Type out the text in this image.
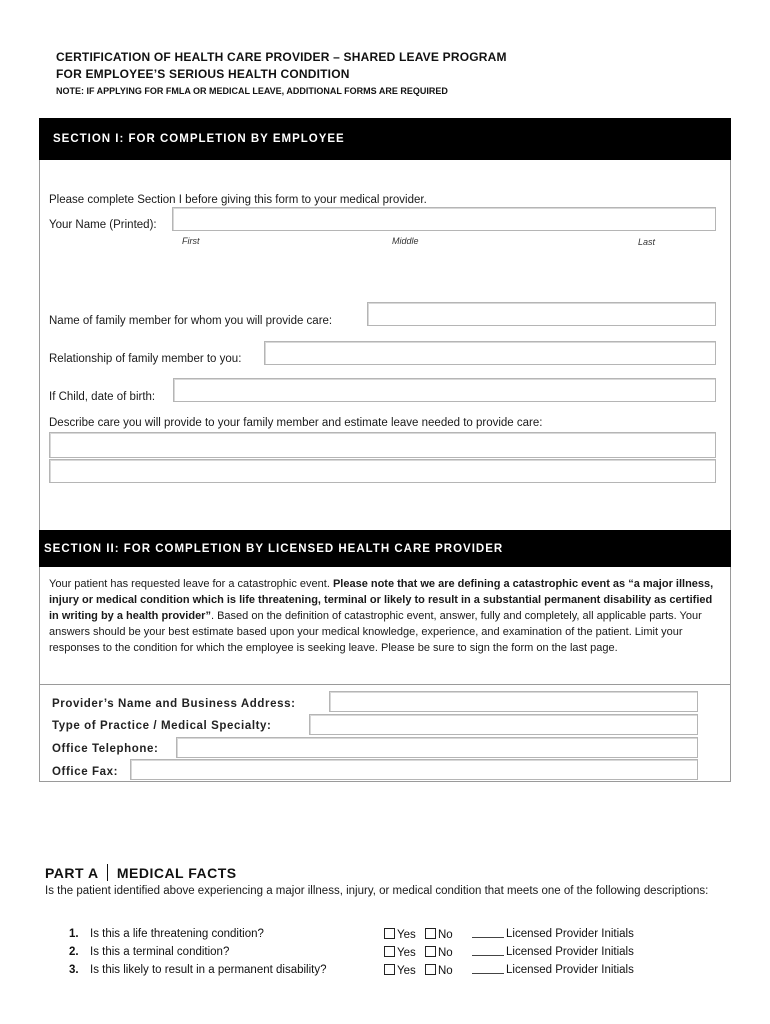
CERTIFICATION OF HEALTH CARE PROVIDER – SHARED LEAVE PROGRAM
FOR EMPLOYEE’S SERIOUS HEALTH CONDITION
NOTE: IF APPLYING FOR FMLA OR MEDICAL LEAVE, ADDITIONAL FORMS ARE REQUIRED
SECTION I: FOR COMPLETION BY EMPLOYEE
Please complete Section I before giving this form to your medical provider.
Your Name (Printed):
First	Middle	Last
Name of family member for whom you will provide care:
Relationship of family member to you:
If Child, date of birth:
Describe care you will provide to your family member and estimate leave needed to provide care:
SECTION II: FOR COMPLETION BY LICENSED HEALTH CARE PROVIDER
Your patient has requested leave for a catastrophic event. Please note that we are defining a catastrophic event as “a major illness, injury or medical condition which is life threatening, terminal or likely to result in a substantial permanent disability as certified in writing by a health provider”. Based on the definition of catastrophic event, answer, fully and completely, all applicable parts. Your answers should be your best estimate based upon your medical knowledge, experience, and examination of the patient. Limit your responses to the condition for which the employee is seeking leave. Please be sure to sign the form on the last page.
Provider’s Name and Business Address:
Type of Practice / Medical Specialty:
Office Telephone:
Office Fax:
PART A MEDICAL FACTS
Is the patient identified above experiencing a major illness, injury, or medical condition that meets one of the following descriptions:
1. Is this a life threatening condition?	Yes No	Licensed Provider Initials
2. Is this a terminal condition?	Yes No	Licensed Provider Initials
3. Is this likely to result in a permanent disability?	Yes No	Licensed Provider Initials
